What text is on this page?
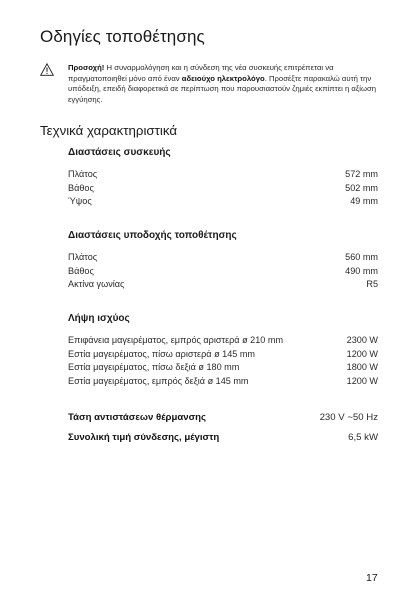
Οδηγίες τοποθέτησης
Προσοχή! Η συναρμολόγηση και η σύνδεση της νέα συσκευής επιτρέπεται να πραγματοποιηθεί μόνο από έναν αδειούχο ηλεκτρολόγο. Προσέξτε παρακαλώ αυτή την υπόδειξη, επειδή διαφορετικά σε περίπτωση που παρουσιαστούν ζημιές εκπίπτει η αξίωση εγγύησης.
Τεχνικά χαρακτηριστικά
Διαστάσεις συσκευής
Πλάτος	572 mm
Βάθος	502 mm
Ύψος	49 mm
Διαστάσεις υποδοχής τοποθέτησης
Πλάτος	560 mm
Βάθος	490 mm
Ακτίνα γωνίας	R5
Λήψη ισχύος
Επιφάνεια μαγειρέματος, εμπρός αριστερά ø 210 mm	2300 W
Εστία μαγειρέματος, πίσω αριστερά ø 145 mm	1200 W
Εστία μαγειρέματος, πίσω δεξιά ø 180 mm	1800 W
Εστία μαγειρέματος, εμπρός δεξιά ø 145 mm	1200 W
Τάση αντιστάσεων θέρμανσης	230 V ~50 Hz
Συνολική τιμή σύνδεσης, μέγιστη	6,5 kW
17
